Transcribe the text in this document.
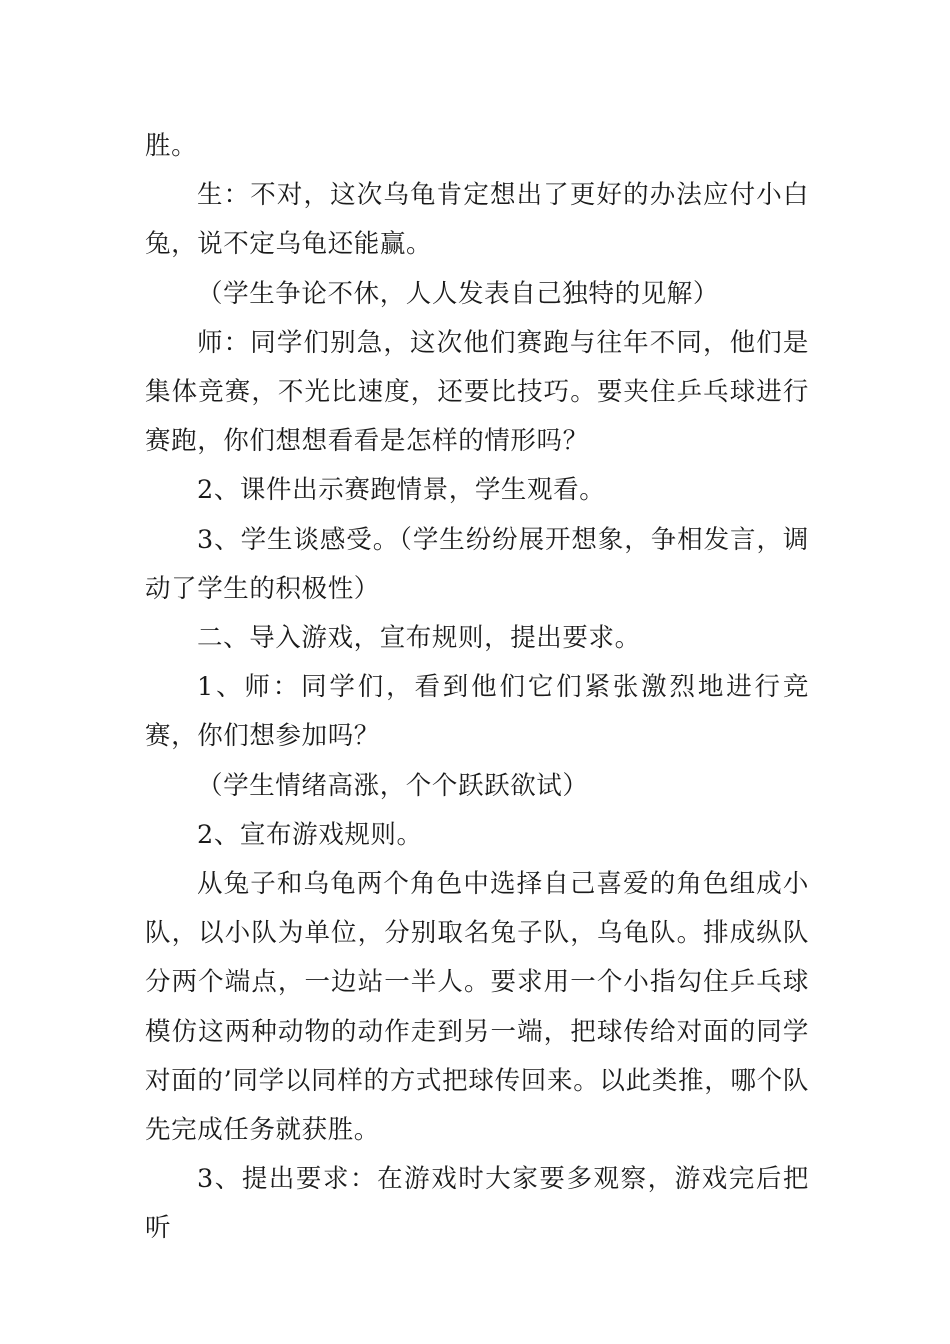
胜。

生：不对，这次乌龟肯定想出了更好的办法应付小白兔，说不定乌龟还能赢。

（学生争论不休，人人发表自己独特的见解）

师：同学们别急，这次他们赛跑与往年不同，他们是集体竞赛，不光比速度，还要比技巧。要夹住乒乓球进行赛跑，你们想想看看是怎样的情形吗？

2、课件出示赛跑情景，学生观看。

3、学生谈感受。（学生纷纷展开想象，争相发言，调动了学生的积极性）

二、导入游戏，宣布规则，提出要求。

1、师：同学们，看到他们它们紧张激烈地进行竞赛，你们想参加吗？

（学生情绪高涨，个个跃跃欲试）

2、宣布游戏规则。

从兔子和乌龟两个角色中选择自己喜爱的角色组成小队，以小队为单位，分别取名兔子队，乌龟队。排成纵队分两个端点，一边站一半人。要求用一个小指勾住乒乓球模仿这两种动物的动作走到另一端，把球传给对面的同学对面的’同学以同样的方式把球传回来。以此类推，哪个队先完成任务就获胜。

3、提出要求：在游戏时大家要多观察，游戏完后把听
